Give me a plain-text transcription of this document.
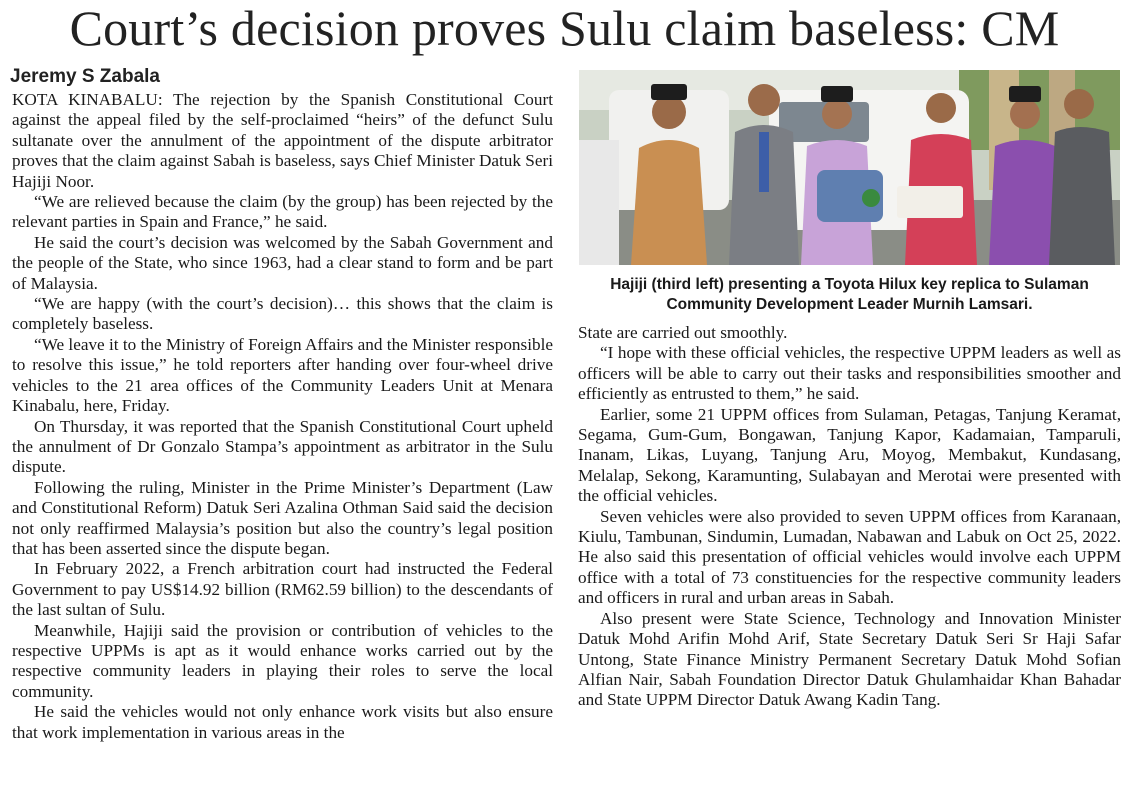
Court’s decision proves Sulu claim baseless: CM
Jeremy S Zabala

KOTA KINABALU: The rejection by the Spanish Constitutional Court against the appeal filed by the self-proclaimed “heirs” of the defunct Sulu sultanate over the annulment of the appointment of the dispute arbitrator proves that the claim against Sabah is baseless, says Chief Minister Datuk Seri Hajiji Noor.

“We are relieved because the claim (by the group) has been rejected by the relevant parties in Spain and France,” he said.

He said the court’s decision was welcomed by the Sabah Government and the people of the State, who since 1963, had a clear stand to form and be part of Malaysia.

“We are happy (with the court’s decision)… this shows that the claim is completely baseless.

“We leave it to the Ministry of Foreign Affairs and the Minister responsible to resolve this issue,” he told reporters after handing over four-wheel drive vehicles to the 21 area offices of the Community Leaders Unit at Menara Kinabalu, here, Friday.

On Thursday, it was reported that the Spanish Constitutional Court upheld the annulment of Dr Gonzalo Stampa’s appointment as arbitrator in the Sulu dispute.

Following the ruling, Minister in the Prime Minister’s Department (Law and Constitutional Reform) Datuk Seri Azalina Othman Said said the decision not only reaffirmed Malaysia’s position but also the country’s legal position that has been asserted since the dispute began.

In February 2022, a French arbitration court had instructed the Federal Government to pay US$14.92 billion (RM62.59 billion) to the descendants of the last sultan of Sulu.

Meanwhile, Hajiji said the provision or contribution of vehicles to the respective UPPMs is apt as it would enhance works carried out by the respective community leaders in playing their roles to serve the local community.

He said the vehicles would not only enhance work visits but also ensure that work implementation in various areas in the

Hajiji (third left) presenting a Toyota Hilux key replica to Sulaman Community Development Leader Murnih Lamsari.

State are carried out smoothly.

“I hope with these official vehicles, the respective UPPM leaders as well as officers will be able to carry out their tasks and responsibilities smoother and efficiently as entrusted to them,” he said.

Earlier, some 21 UPPM offices from Sulaman, Petagas, Tanjung Keramat, Segama, Gum-Gum, Bongawan, Tanjung Kapor, Kadamaian, Tamparuli, Inanam, Likas, Luyang, Tanjung Aru, Moyog, Membakut, Kundasang, Melalap, Sekong, Karamunting, Sulabayan and Merotai were presented with the official vehicles.

Seven vehicles were also provided to seven UPPM offices from Karanaan, Kiulu, Tambunan, Sindumin, Lumadan, Nabawan and Labuk on Oct 25, 2022. He also said this presentation of official vehicles would involve each UPPM office with a total of 73 constituencies for the respective community leaders and officers in rural and urban areas in Sabah.

Also present were State Science, Technology and Innovation Minister Datuk Mohd Arifin Mohd Arif, State Secretary Datuk Seri Sr Haji Safar Untong, State Finance Ministry Permanent Secretary Datuk Mohd Sofian Alfian Nair, Sabah Foundation Director Datuk Ghulamhaidar Khan Bahadar and State UPPM Director Datuk Awang Kadin Tang.
